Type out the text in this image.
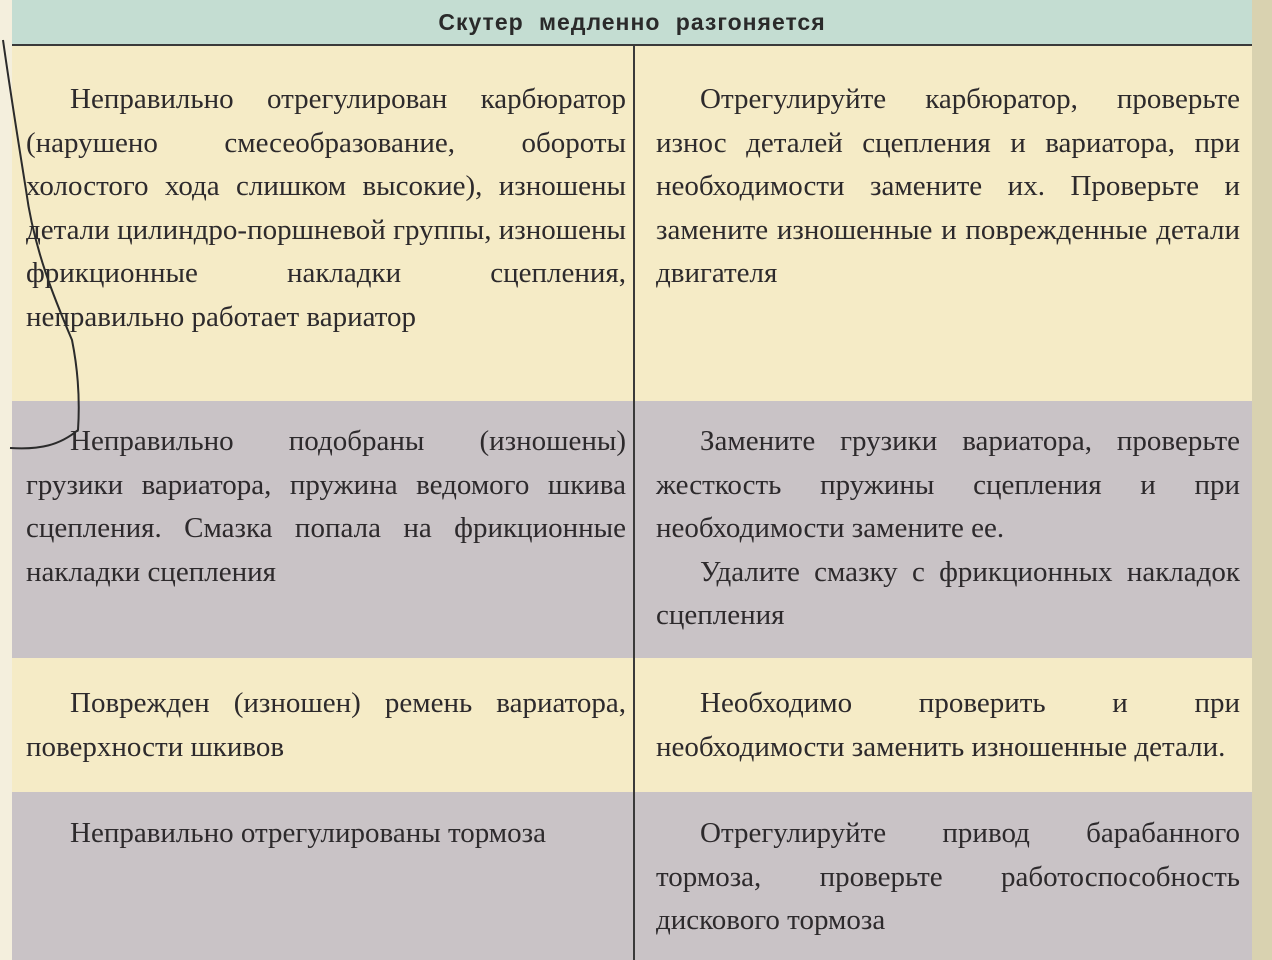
Скутер медленно разгоняется
Неправильно отрегулирован карбюратор (нарушено смесеобразование, обороты холостого хода слишком высокие), изношены детали цилиндро-поршневой группы, изношены фрикционные накладки сцепления, неправильно работает вариатор
Отрегулируйте карбюратор, проверьте износ деталей сцепления и вариатора, при необходимости замените их. Проверьте и замените изношенные и поврежденные детали двигателя
Неправильно подобраны (изношены) грузики вариатора, пружина ведомого шкива сцепления. Смазка попала на фрикционные накладки сцепления
Замените грузики вариатора, проверьте жесткость пружины сцепления и при необходимости замените ее.
Удалите смазку с фрикционных накладок сцепления
Поврежден (изношен) ремень вариатора, поверхности шкивов
Необходимо проверить и при необходимости заменить изношенные детали.
Неправильно отрегулированы тормоза	Отрегулируйте привод барабанного тормоза, проверьте работоспособность дискового тормоза
